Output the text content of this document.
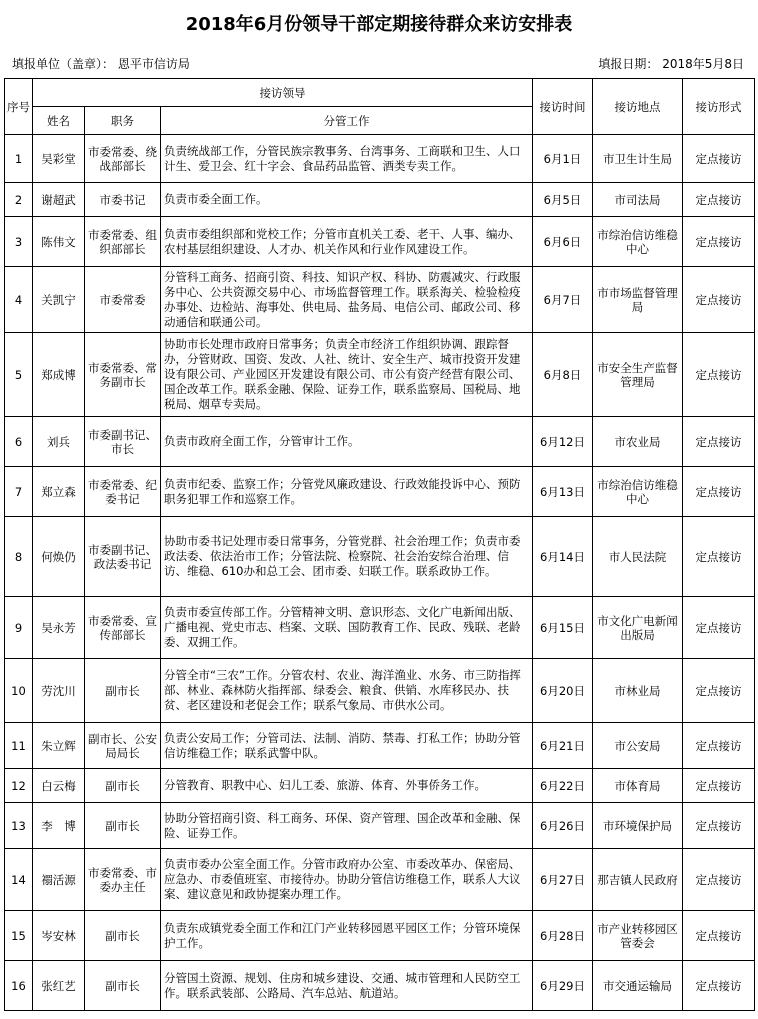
2018年6月份领导干部定期接待群众来访安排表
填报单位（盖章）： 恩平市信访局	填报日期： 2018年5月8日
序号	接访领导			接访时间	接访地点	接访形式
	姓名	职务	分管工作			
1	吴彩堂	市委常委、绕战部部长	负责统战部工作，分管民族宗教事务、台湾事务、工商联和卫生、人口计生、爱卫会、红十字会、食品药品监管、酒类专卖工作。	6月1日	市卫生计生局	定点接访
2	谢超武	市委书记	负责市委全面工作。	6月5日	市司法局	定点接访
3	陈伟文	市委常委、组织部部长	负责市委组织部和党校工作；分管市直机关工委、老干、人事、编办、农村基层组织建设、人才办、机关作风和行业作风建设工作。	6月6日	市综治信访维稳中心	定点接访
4	关凯宁	市委常委	分管科工商务、招商引资、科技、知识产权、科协、防震减灾、行政服务中心、公共资源交易中心、市场监督管理工作。联系海关、检验检疫办事处、边检站、海事处、供电局、盐务局、电信公司、邮政公司、移动通信和联通公司。	6月7日	市市场监督管理局	定点接访
5	郑成博	市委常委、常务副市长	协助市长处理市政府日常事务；负责全市经济工作组织协调、跟踪督办，分管财政、国资、发改、人社、统计、安全生产、城市投资开发建设有限公司、产业园区开发建设有限公司、市公有资产经营有限公司、国企改革工作。联系金融、保险、证券工作，联系监察局、国税局、地税局、烟草专卖局。	6月8日	市安全生产监督管理局	定点接访
6	刘兵	市委副书记、市长	负责市政府全面工作，分管审计工作。	6月12日	市农业局	定点接访
7	郑立森	市委常委、纪委书记	负责市纪委、监察工作；分管党风廉政建设、行政效能投诉中心、预防职务犯罪工作和巡察工作。	6月13日	市综治信访维稳中心	定点接访
8	何焕仍	市委副书记、政法委书记	协助市委书记处理市委日常事务，分管党群、社会治理工作；负责市委政法委、依法治市工作；分管法院、检察院、社会治安综合治理、信访、维稳、610办和总工会、团市委、妇联工作。联系政协工作。	6月14日	市人民法院	定点接访
9	吴永芳	市委常委、宣传部部长	负责市委宣传部工作。分管精神文明、意识形态、文化广电新闻出版、广播电视、党史市志、档案、文联、国防教育工作、民政、残联、老龄委、双拥工作。	6月15日	市文化广电新闻出版局	定点接访
10	劳沈川	副市长	分管全市“三农”工作。分管农村、农业、海洋渔业、水务、市三防指挥部、林业、森林防火指挥部、绿委会、粮食、供销、水库移民办、扶贫、老区建设和老促会工作；联系气象局、市供水公司。	6月20日	市林业局	定点接访
11	朱立辉	副市长、公安局局长	负责公安局工作；分管司法、法制、消防、禁毒、打私工作；协助分管信访维稳工作；联系武警中队。	6月21日	市公安局	定点接访
12	白云梅	副市长	分管教育、职教中心、妇儿工委、旅游、体育、外事侨务工作。	6月22日	市体育局	定点接访
13	李　博	副市长	协助分管招商引资、科工商务、环保、资产管理、国企改革和金融、保险、证券工作。	6月26日	市环境保护局	定点接访
14	禤活源	市委常委、市委办主任	负责市委办公室全面工作。分管市政府办公室、市委改革办、保密局、应急办、市委值班室、市接待办。协助分管信访维稳工作，联系人大议案、建议意见和政协提案办理工作。	6月27日	那吉镇人民政府	定点接访
15	岑安林	副市长	负责东成镇党委全面工作和江门产业转移园恩平园区工作；分管环境保护工作。	6月28日	市产业转移园区管委会	定点接访
16	张红艺	副市长	分管国土资源、规划、住房和城乡建设、交通、城市管理和人民防空工作。联系武装部、公路局、汽车总站、航道站。	6月29日	市交通运输局	定点接访
